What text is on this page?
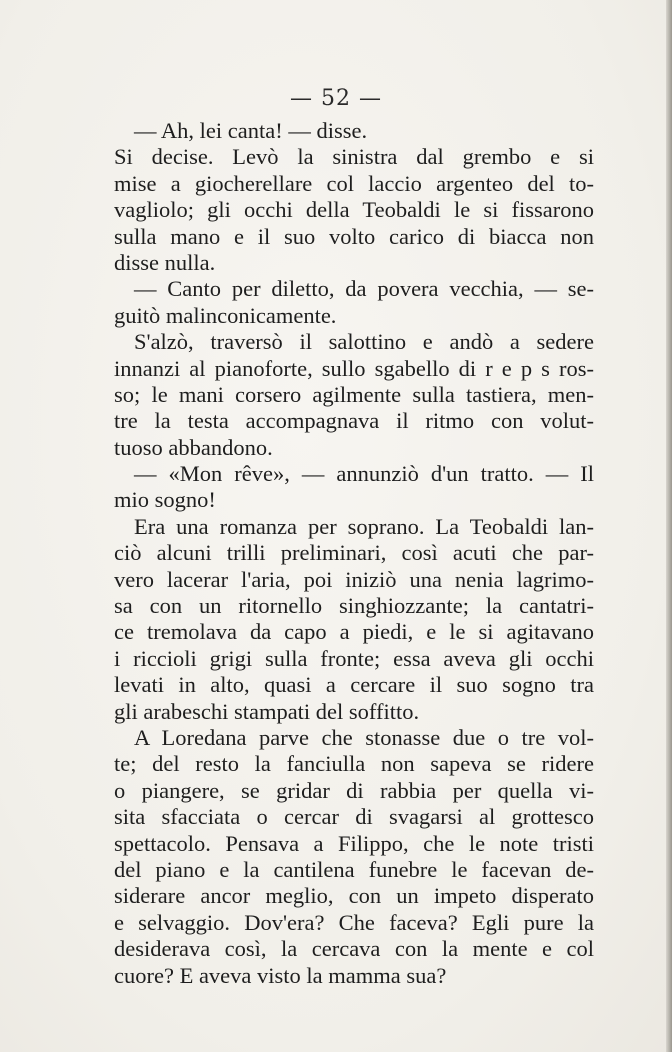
— 52 —
— Ah, lei canta! — disse.
Si decise. Levò la sinistra dal grembo e si
mise a giocherellare col laccio argenteo del to-
vagliolo; gli occhi della Teobaldi le si fissarono
sulla mano e il suo volto carico di biacca non
disse nulla.
— Canto per diletto, da povera vecchia, — se-
guitò malinconicamente.
S'alzò, traversò il salottino e andò a sedere
innanzi al pianoforte, sullo sgabello di r e p s ros-
so; le mani corsero agilmente sulla tastiera, men-
tre la testa accompagnava il ritmo con volut-
tuoso abbandono.
— «Mon rêve», — annunziò d'un tratto. — Il
mio sogno!
Era una romanza per soprano. La Teobaldi lan-
ciò alcuni trilli preliminari, così acuti che par-
vero lacerar l'aria, poi iniziò una nenia lagrimo-
sa con un ritornello singhiozzante; la cantatri-
ce tremolava da capo a piedi, e le si agitavano
i riccioli grigi sulla fronte; essa aveva gli occhi
levati in alto, quasi a cercare il suo sogno tra
gli arabeschi stampati del soffitto.
A Loredana parve che stonasse due o tre vol-
te; del resto la fanciulla non sapeva se ridere
o piangere, se gridar di rabbia per quella vi-
sita sfacciata o cercar di svagarsi al grottesco
spettacolo. Pensava a Filippo, che le note tristi
del piano e la cantilena funebre le facevan de-
siderare ancor meglio, con un impeto disperato
e selvaggio. Dov'era? Che faceva? Egli pure la
desiderava così, la cercava con la mente e col
cuore? E aveva visto la mamma sua?
